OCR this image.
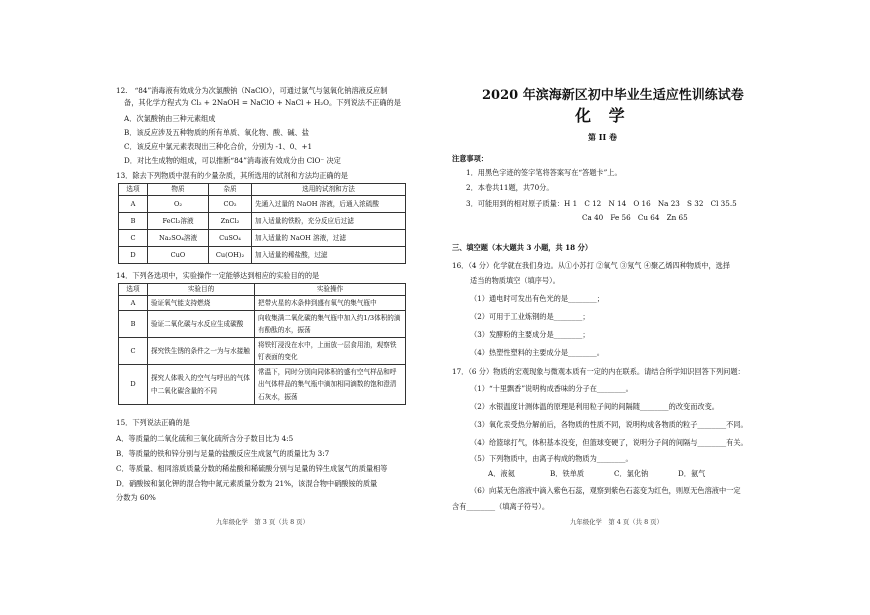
12.　“84”消毒液有效成分为次氯酸钠（NaClO），可通过氯气与氢氧化钠溶液反应制
备，其化学方程式为 Cl₂ + 2NaOH = NaClO + NaCl + H₂O。下列说法不正确的是
A．次氯酸钠由三种元素组成
B．该反应涉及五种物质的所有单质、氧化物、酸、碱、盐
C．该反应中氯元素表现出三种化合价，分别为 -1、0、+1
D．对比生成物的组成，可以推断“84”消毒液有效成分由 ClO⁻ 决定
13．除去下列物质中混有的少量杂质，其所选用的试剂和方法均正确的是
选项	物质	杂质	选用的试剂和方法
A	O₂	CO₂	先通入过量的 NaOH 溶液，后通入浓硫酸
B	FeCl₂溶液	ZnCl₂	加入适量的铁粉，充分反应后过滤
C	Na₂SO₄溶液	CuSO₄	加入适量的 NaOH 溶液，过滤
D	CuO	Cu(OH)₂	加入适量的稀盐酸，过滤
14．下列各选项中，实验操作一定能够达到相应的实验目的的是
选项	实验目的	实验操作
A	验证氧气能支持燃烧	把带火星的木条伸到盛有氧气的集气瓶中
B	验证二氧化碳与水反应生成碳酸	向收集满二氧化碳的集气瓶中加入约1/3体积的滴有酚酞的水，振荡
C	探究铁生锈的条件之一为与水接触	将铁钉浸没在水中，上面放一层食用油，观察铁钉表面的变化
D	探究人体吸入的空气与呼出的气体中二氧化碳含量的不同	常温下，同时分别向同体积的盛有空气样品和呼出气体样品的集气瓶中滴加相同滴数的饱和澄清石灰水，振荡
15．下列说法正确的是
A．等质量的二氧化硫和三氧化硫所含分子数目比为 4:5
B．等质量的铁和锌分别与足量的盐酸反应生成氢气的质量比为 3:7
C．等质量、相同溶质质量分数的稀盐酸和稀硫酸分别与足量的锌生成氢气的质量相等
D．硝酸铵和氯化钾的混合物中氮元素质量分数为 21%，该混合物中硝酸铵的质量
分数为 60%
九年级化学　第 3 页（共 8 页）
2020 年滨海新区初中毕业生适应性训练试卷
化 学
第 II 卷
注意事项：
1．用黑色字迹的签字笔将答案写在“答题卡”上。
2．本卷共11题，共70分。
3．可能用到的相对原子质量：H 1　C 12　N 14　O 16　Na 23　S 32　Cl 35.5
Ca 40　Fe 56　Cu 64　Zn 65
三、填空题（本大题共 3 小题，共 18 分）
16．（4 分）化学就在我们身边。从①小苏打 ②氧气 ③氖气 ④聚乙烯四种物质中，选择
适当的物质填空（填序号）。
（1）通电时可发出有色光的是________；
（2）可用于工业炼钢的是________；
（3）发酵粉的主要成分是________；
（4）热塑性塑料的主要成分是________。
17．（6 分）物质的宏观现象与微观本质有一定的内在联系。请结合所学知识回答下列问题：
（1）“十里飘香”说明构成香味的分子在________。
（2）水银温度计测体温的原理是利用粒子间的间隔随________的改变而改变。
（3）氧化汞受热分解前后，各物质的性质不同，说明构成各物质的粒子________不同。
（4）给篮球打气，体积基本没变，但篮球变硬了，说明分子间的间隔与________有关。
（5）下列物质中，由离子构成的物质为________。
A．液氦	B．铁单质	C．氯化钠	D．氨气
（6）向某无色溶液中滴入紫色石蕊，观察到紫色石蕊变为红色，则原无色溶液中一定
含有________（填离子符号）。
九年级化学　第 4 页（共 8 页）
